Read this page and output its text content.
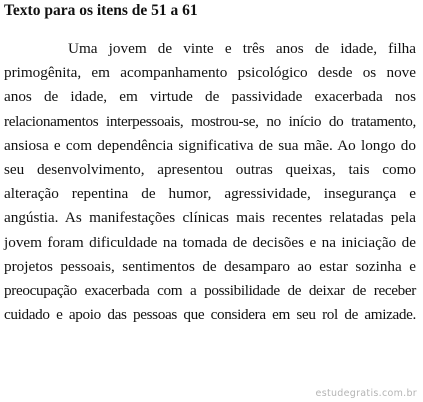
Texto para os itens de 51 a 61
Uma jovem de vinte e três anos de idade, filha
primogênita, em acompanhamento psicológico desde os nove
anos de idade, em virtude de passividade exacerbada nos
relacionamentos interpessoais, mostrou-se, no início do tratamento,
ansiosa e com dependência significativa de sua mãe. Ao longo do
seu desenvolvimento, apresentou outras queixas, tais como
alteração repentina de humor, agressividade, insegurança e
angústia. As manifestações clínicas mais recentes relatadas pela
jovem foram dificuldade na tomada de decisões e na iniciação de
projetos pessoais, sentimentos de desamparo ao estar sozinha e
preocupação exacerbada com a possibilidade de deixar de receber
cuidado e apoio das pessoas que considera em seu rol de amizade.
estudegratis.com.br
